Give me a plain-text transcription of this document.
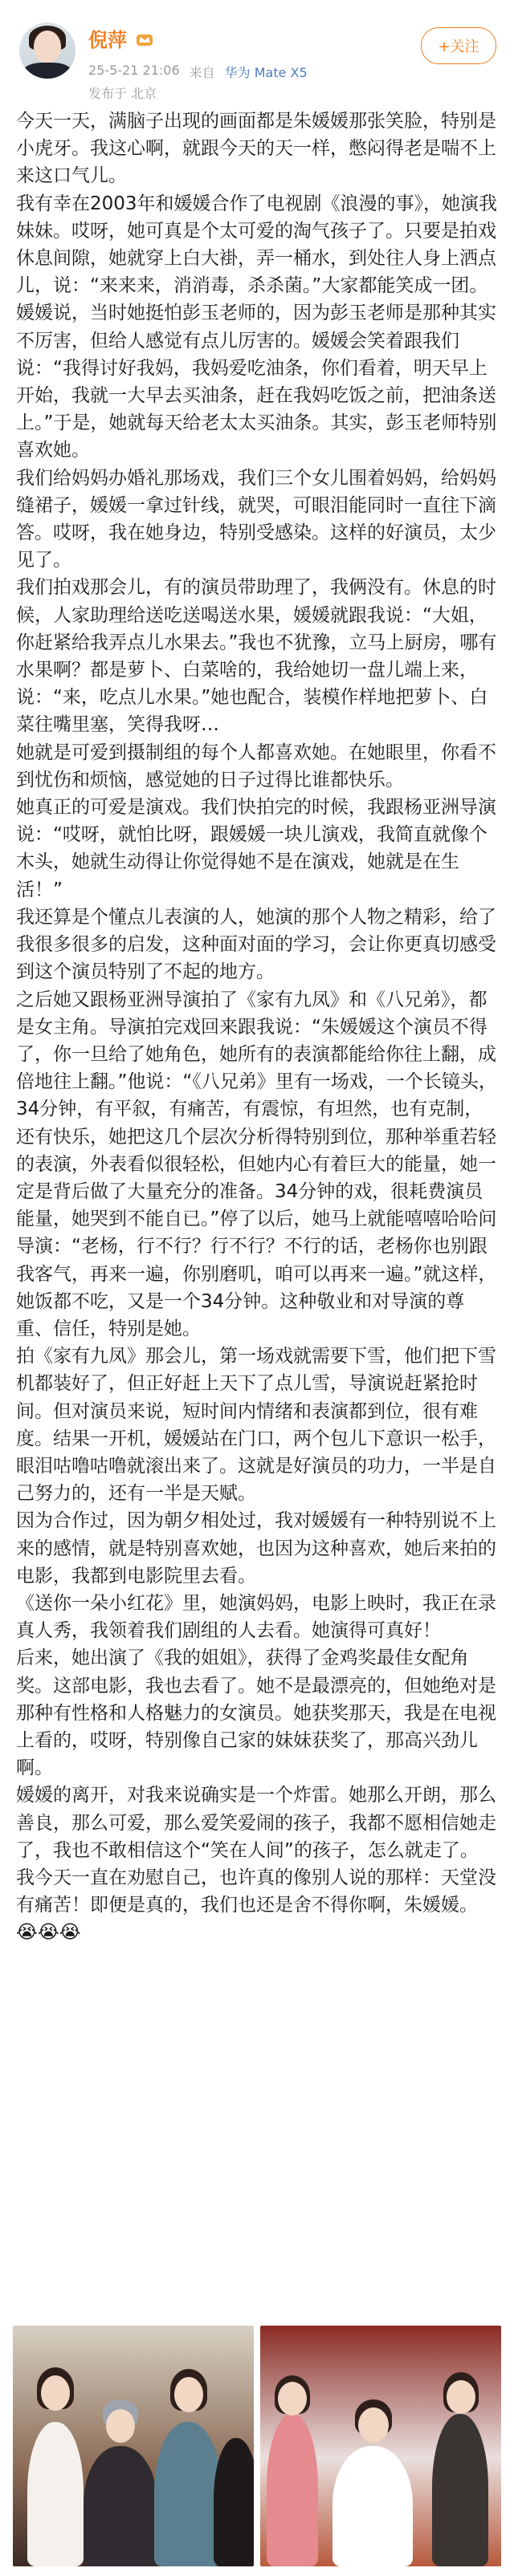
倪萍
25-5-21 21:06 来自 华为 Mate X5
发布于 北京
+关注

今天一天，满脑子出现的画面都是朱媛媛那张笑脸，特别是小虎牙。我这心啊，就跟今天的天一样，憋闷得老是喘不上来这口气儿。

我有幸在2003年和媛媛合作了电视剧《浪漫的事》，她演我妹妹。哎呀，她可真是个太可爱的淘气孩子了。只要是拍戏休息间隙，她就穿上白大褂，弄一桶水，到处往人身上洒点儿，说：“来来来，消消毒，杀杀菌。”大家都能笑成一团。

媛媛说，当时她挺怕彭玉老师的，因为彭玉老师是那种其实不厉害，但给人感觉有点儿厉害的。媛媛会笑着跟我们说：“我得讨好我妈，我妈爱吃油条，你们看着，明天早上开始，我就一大早去买油条，赶在我妈吃饭之前，把油条送上。”于是，她就每天给老太太买油条。其实，彭玉老师特别喜欢她。

我们给妈妈办婚礼那场戏，我们三个女儿围着妈妈，给妈妈缝裙子，媛媛一拿过针线，就哭，可眼泪能同时一直往下滴答。哎呀，我在她身边，特别受感染。这样的好演员，太少见了。

我们拍戏那会儿，有的演员带助理了，我俩没有。休息的时候，人家助理给送吃送喝送水果，媛媛就跟我说：“大姐，你赶紧给我弄点儿水果去。”我也不犹豫，立马上厨房，哪有水果啊？都是萝卜、白菜啥的，我给她切一盘儿端上来，说：“来，吃点儿水果。”她也配合，装模作样地把萝卜、白菜往嘴里塞，笑得我呀…

她就是可爱到摄制组的每个人都喜欢她。在她眼里，你看不到忧伤和烦恼，感觉她的日子过得比谁都快乐。

她真正的可爱是演戏。我们快拍完的时候，我跟杨亚洲导演说：“哎呀，就怕比呀，跟媛媛一块儿演戏，我简直就像个木头，她就生动得让你觉得她不是在演戏，她就是在生活！”

我还算是个懂点儿表演的人，她演的那个人物之精彩，给了我很多很多的启发，这种面对面的学习，会让你更真切感受到这个演员特别了不起的地方。

之后她又跟杨亚洲导演拍了《家有九凤》和《八兄弟》，都是女主角。导演拍完戏回来跟我说：“朱媛媛这个演员不得了，你一旦给了她角色，她所有的表演都能给你往上翻，成倍地往上翻。”他说：“《八兄弟》里有一场戏，一个长镜头，34分钟，有平叙，有痛苦，有震惊，有坦然，也有克制，还有快乐，她把这几个层次分析得特别到位，那种举重若轻的表演，外表看似很轻松，但她内心有着巨大的能量，她一定是背后做了大量充分的准备。34分钟的戏，很耗费演员能量，她哭到不能自已。”停了以后，她马上就能嘻嘻哈哈问导演：“老杨，行不行？行不行？不行的话，老杨你也别跟我客气，再来一遍，你别磨叽，咱可以再来一遍。”就这样，她饭都不吃，又是一个34分钟。这种敬业和对导演的尊重、信任，特别是她。

拍《家有九凤》那会儿，第一场戏就需要下雪，他们把下雪机都装好了，但正好赶上天下了点儿雪，导演说赶紧抢时间。但对演员来说，短时间内情绪和表演都到位，很有难度。结果一开机，媛媛站在门口，两个包儿下意识一松手，眼泪咕噜咕噜就滚出来了。这就是好演员的功力，一半是自己努力的，还有一半是天赋。

因为合作过，因为朝夕相处过，我对媛媛有一种特别说不上来的感情，就是特别喜欢她，也因为这种喜欢，她后来拍的电影，我都到电影院里去看。

《送你一朵小红花》里，她演妈妈，电影上映时，我正在录真人秀，我领着我们剧组的人去看。她演得可真好！

后来，她出演了《我的姐姐》，获得了金鸡奖最佳女配角奖。这部电影，我也去看了。她不是最漂亮的，但她绝对是那种有性格和人格魅力的女演员。她获奖那天，我是在电视上看的，哎呀，特别像自己家的妹妹获奖了，那高兴劲儿啊。

媛媛的离开，对我来说确实是一个炸雷。她那么开朗，那么善良，那么可爱，那么爱笑爱闹的孩子，我都不愿相信她走了，我也不敢相信这个“笑在人间”的孩子，怎么就走了。

我今天一直在劝慰自己，也许真的像别人说的那样：天堂没有痛苦！即便是真的，我们也还是舍不得你啊，朱媛媛。😭😭😭
